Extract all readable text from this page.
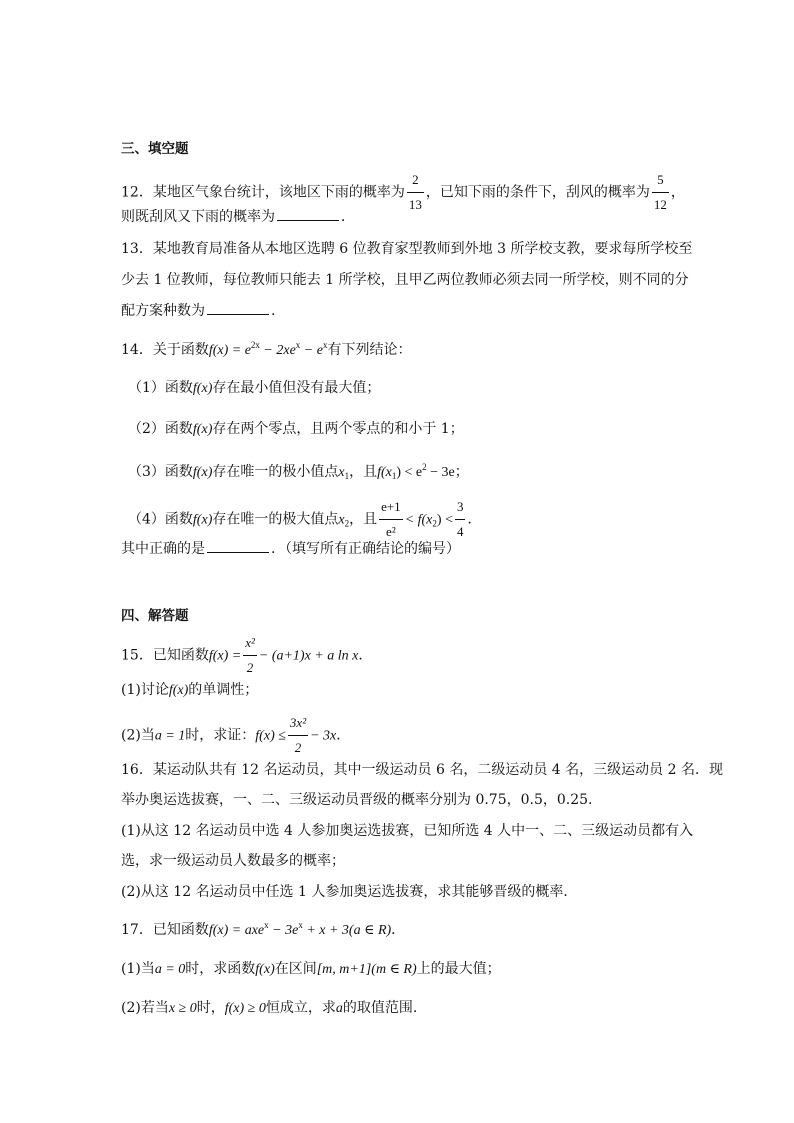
三、填空题
12．某地区气象台统计，该地区下雨的概率为 $\frac{2}{13}$ ，已知下雨的条件下，刮风的概率为 $\frac{5}{12}$ ，
则既刮风又下雨的概率为	．
13．某地教育局准备从本地区选聘 6 位教育家型教师到外地 3 所学校支教，要求每所学校至
少去 1 位教师，每位教师只能去 1 所学校，且甲乙两位教师必须去同一所学校，则不同的分
配方案种数为	.
14．关于函数$f(x) = e^{2x} - 2xe^x - e^x$有下列结论：
（1）函数f(x)存在最小值但没有最大值；
（2）函数f(x)存在两个零点，且两个零点的和小于 1；
（3）函数f(x)存在唯一的极小值点$x_1$，且$f(x_1) < e^2 - 3e$；
（4）函数f(x)存在唯一的极大值点$x_2$，且 $\frac{e+1}{\text{e²}} < f(x_2) < \frac{3}{4}$ ．
其中正确的是	．（填写所有正确结论的编号）
四、解答题
15．已知函数$f(x) = \frac{\text{x²}}{2} - (a+1)x + a$ ln x．
(1)讨论f(x)的单调性；
(2)当a = 1时，求证：$f(x) \le \frac{\text{3x²}}{2} - 3x$．
16．某运动队共有 12 名运动员，其中一级运动员 6 名，二级运动员 4 名，三级运动员 2 名．现
举办奥运选拔赛，一、二、三级运动员晋级的概率分别为 0.75，0.5，0.25.
(1)从这 12 名运动员中选 4 人参加奥运选拔赛，已知所选 4 人中一、二、三级运动员都有入
选，求一级运动员人数最多的概率；
(2)从这 12 名运动员中任选 1 人参加奥运选拔赛，求其能够晋级的概率．
17．已知函数$f(x) = axe^x - 3e^x + x + 3(a$ ∈ R)．
(1)当a = 0时，求函数f(x)在区间[m, m+1](m ∈ R)上的最大值；
(2)若当x ≥ 0时，f(x) ≥ 0恒成立，求a的取值范围.
